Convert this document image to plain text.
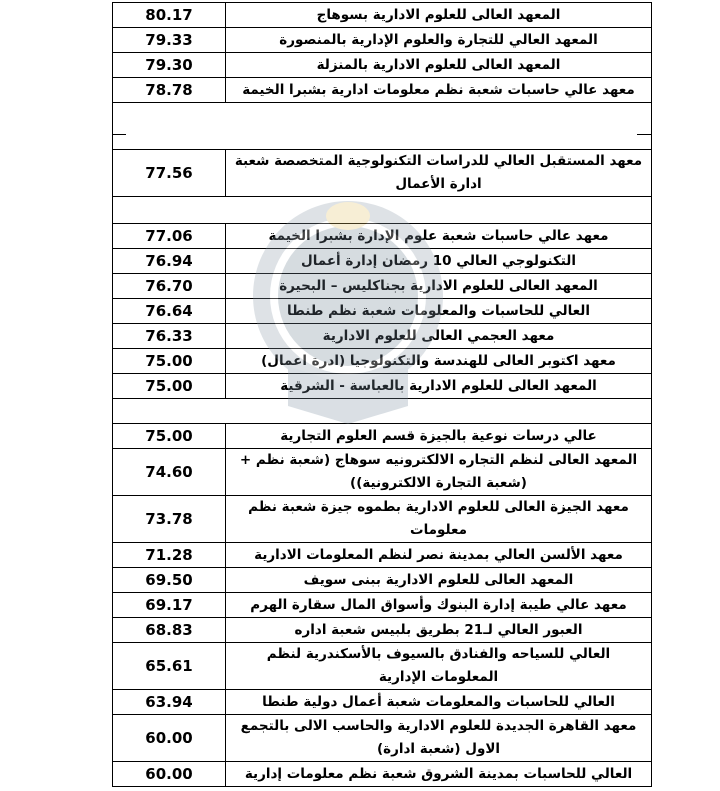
المعهد العالى للعلوم الادارية بسوهاج	80.17
المعهد العالي للتجارة والعلوم الإدارية بالمنصورة	79.33
المعهد العالى للعلوم الادارية بالمنزلة	79.30
معهد عالي حاسبات شعبة نظم معلومات ادارية بشبرا الخيمة	78.78

معهد المستقبل العالي للدراسات التكنولوجية المتخصصة شعبة ادارة الأعمال	77.56

معهد عالي حاسبات شعبة علوم الإدارة بشبرا الخيمة	77.06
التكنولوجي العالي 10 رمضان إدارة أعمال	76.94
المعهد العالى للعلوم الادارية بجناكليس – البحيرة	76.70
العالي للحاسبات والمعلومات شعبة نظم طنطا	76.64
معهد العجمي العالى للعلوم الادارية	76.33
معهد اكتوبر العالى للهندسة والتكنولوجيا (ادرة اعمال)	75.00
المعهد العالى للعلوم الادارية بالعباسة - الشرقية	75.00

عالي درسات نوعية بالجيزة قسم العلوم التجارية	75.00
المعهد العالى لنظم التجاره الالكترونيه سوهاج (شعبة نظم + (شعبة التجارة الالكترونية))	74.60
معهد الجيزة العالى للعلوم الادارية بطموه جيزة شعبة نظم معلومات	73.78
معهد الألسن العالي بمدينة نصر لنظم المعلومات الادارية	71.28
المعهد العالى للعلوم الادارية ببنى سويف	69.50
معهد عالي طيبة إدارة البنوك وأسواق المال سقارة الهرم	69.17
العبور العالي لـ21 بطريق بلبيس شعبة اداره	68.83
العالي للسياحه والفنادق بالسيوف بالأسكندرية لنظم المعلومات الإدارية	65.61
العالي للحاسبات والمعلومات شعبة أعمال دولية طنطا	63.94
معهد القاهرة الجديدة للعلوم الادارية والحاسب الالى بالتجمع الاول (شعبة ادارة)	60.00
العالي للحاسبات بمدينة الشروق شعبة نظم معلومات إدارية	60.00
